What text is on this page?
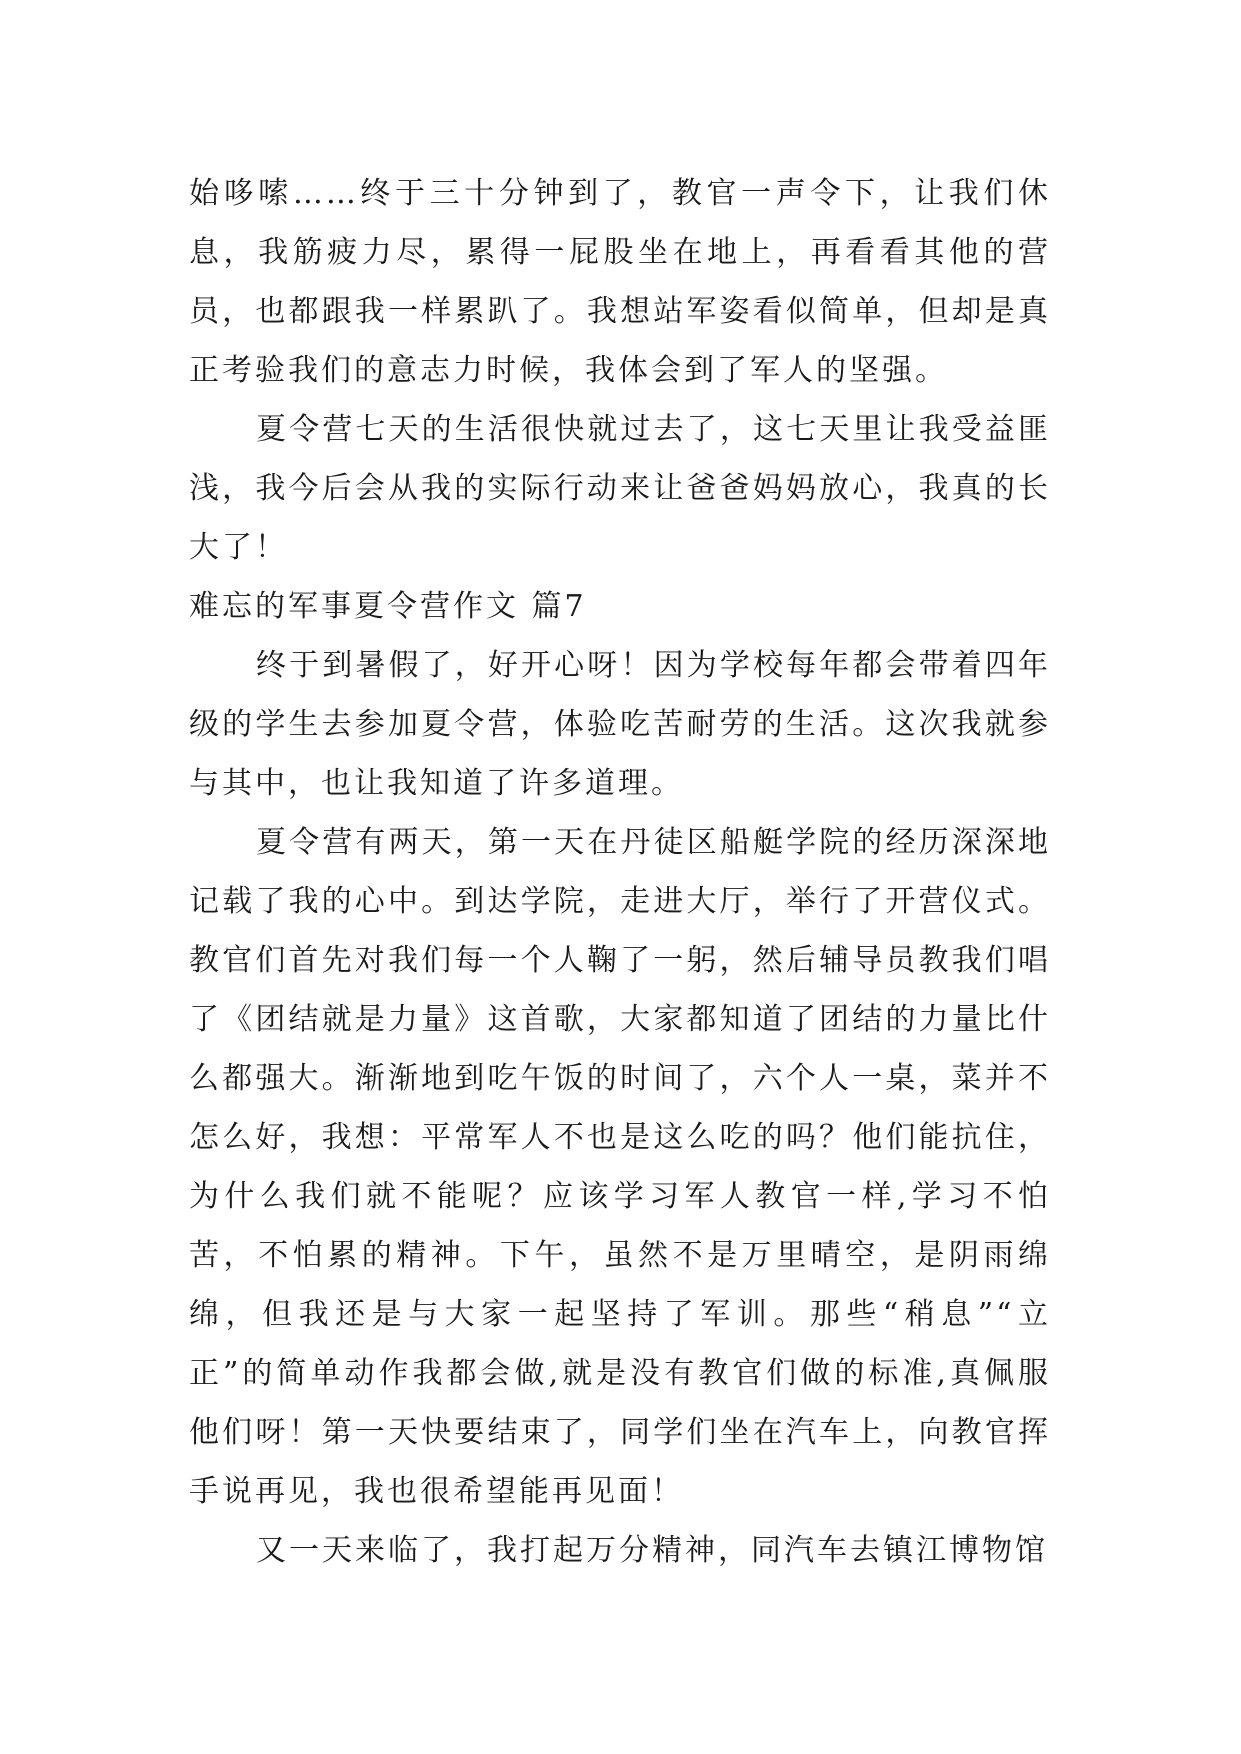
始哆嗦……终于三十分钟到了，教官一声令下，让我们休息，我筋疲力尽，累得一屁股坐在地上，再看看其他的营员，也都跟我一样累趴了。我想站军姿看似简单，但却是真正考验我们的意志力时候，我体会到了军人的坚强。

夏令营七天的生活很快就过去了，这七天里让我受益匪浅，我今后会从我的实际行动来让爸爸妈妈放心，我真的长大了！

难忘的军事夏令营作文 篇7

终于到暑假了，好开心呀！因为学校每年都会带着四年级的学生去参加夏令营，体验吃苦耐劳的生活。这次我就参与其中，也让我知道了许多道理。

夏令营有两天，第一天在丹徒区船艇学院的经历深深地记载了我的心中。到达学院，走进大厅，举行了开营仪式。教官们首先对我们每一个人鞠了一躬，然后辅导员教我们唱了《团结就是力量》这首歌，大家都知道了团结的力量比什么都强大。渐渐地到吃午饭的时间了，六个人一桌，菜并不怎么好，我想：平常军人不也是这么吃的吗？他们能抗住，为什么我们就不能呢？应该学习军人教官一样,学习不怕苦，不怕累的精神。下午，虽然不是万里晴空，是阴雨绵绵，但我还是与大家一起坚持了军训。那些“稍息”“立正”的简单动作我都会做,就是没有教官们做的标准,真佩服他们呀！第一天快要结束了，同学们坐在汽车上，向教官挥手说再见，我也很希望能再见面！

又一天来临了，我打起万分精神，同汽车去镇江博物馆
